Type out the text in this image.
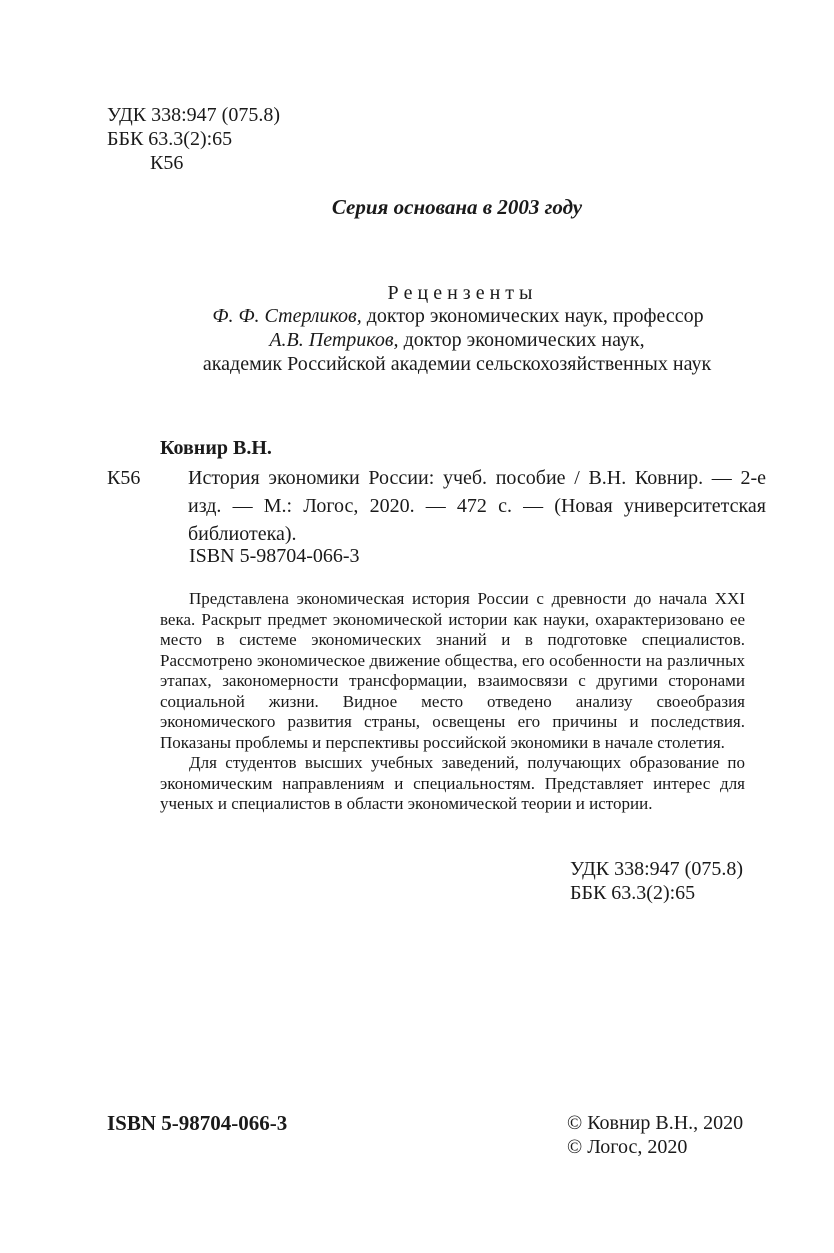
УДК 338:947 (075.8)
ББК 63.3(2):65
К56
Серия основана в 2003 году
Р е ц е н з е н т ы
Ф. Ф. Стерликов, доктор экономических наук, профессор
А.В. Петриков, доктор экономических наук,
академик Российской академии сельскохозяйственных наук
Ковнир В.Н.
К56 История экономики России: учеб. пособие / В.Н. Ковнир. — 2-е изд. — М.: Логос, 2020. — 472 с. — (Новая университетская библиотека).
ISBN 5-98704-066-3

Представлена экономическая история России с древности до начала XXI века. Раскрыт предмет экономической истории как науки, охарактеризовано ее место в системе экономических знаний и в подготовке специалистов. Рассмотрено экономическое движение общества, его особенности на различных этапах, закономерности трансформации, взаимосвязи с другими сторонами социальной жизни. Видное место отведено анализу своеобразия экономического развития страны, освещены его причины и последствия. Показаны проблемы и перспективы российской экономики в начале столетия.

Для студентов высших учебных заведений, получающих образование по экономическим направлениям и специальностям. Представляет интерес для ученых и специалистов в области экономической теории и истории.

УДК 338:947 (075.8)
ББК 63.3(2):65
ISBN 5-98704-066-3	© Ковнир В.Н., 2020
© Логос, 2020
